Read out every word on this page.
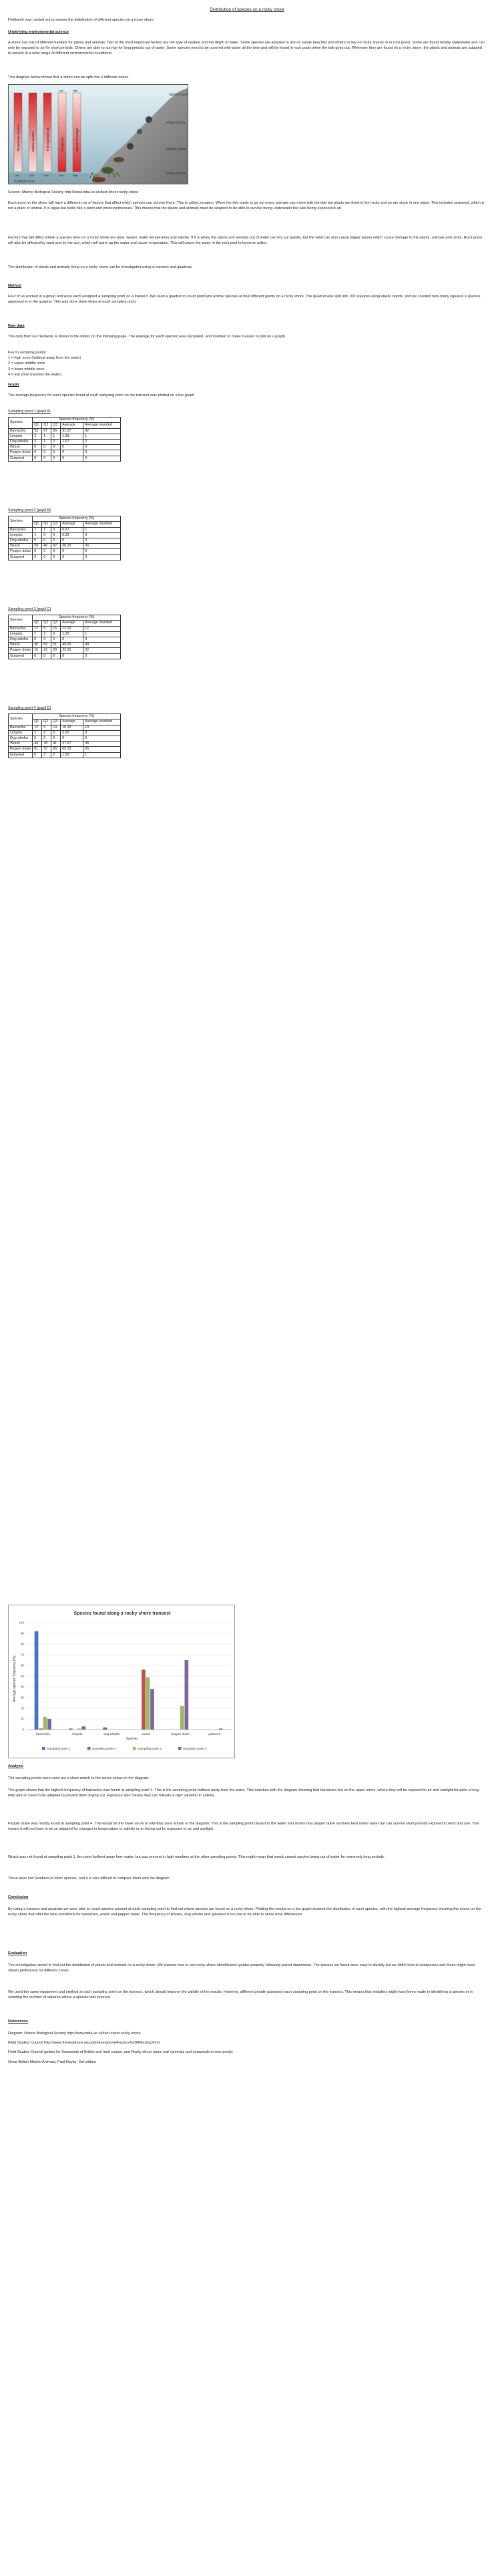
Distribution of species on a rocky shore

Fieldwork was carried out to assess the distribution of different species on a rocky shore.

Underlying environmental science

A shore has lots of different habitats for plants and animals. Two of the most important factors are the type of seabed and the depth of water. Some species are adapted to live on sandy beaches and others to live on rocky shores or in rock pools. Some are found mostly underwater and can only be exposed to air for short periods. Others are able to survive for long periods out of water. Some species need to be covered with water all the time and will be found in rock pools when the tide goes out. Wherever they are found on a rocky shore, the plants and animals are adapted to survive in a wide range of different environmental conditions.

This diagram below shows that a shore can be split into 4 different zones.

Temperature Variation	Salinity Variation	Time exposed to air	Competition	Amount of Sunlight
Low	High
Low	Low	Low	Low	High
Splash Zone
Upper Shore
Middle Shore
Lower Shore
Subtidal Zone

Source: Marine Biological Society http://www.mba.ac.uk/fact-sheet-rocky-shore

Each zone on the shore will have a different mix of factors that affect which species can survive there. This is called zonation. When the tide starts to go out many animals can move with the tide but plants are fixed to the rocks and so are stuck in one place. This includes seaweed, which is not a plant or animal. It is algae but looks like a plant and photosynthesises. This means that the plants and animals must be adapted to be able to survive being underwater but also being exposed to air.

Factors that will affect where a species lives on a rocky shore are wind, waves, water temperature and salinity. If it is windy the plants and animals out of water can dry out quickly, but the wind can also cause bigger waves which cause damage to the plants, animals and rocks. Rock pools will also be affected by wind and by the sun, which will warm up the water and cause evaporation. This will cause the water in the rock pool to become saltier.

The distribution of plants and animals living on a rocky shore can be investigated using a transect and quadrats.

Method

Four of us worked in a group and were each assigned a sampling point on a transect. We used a quadrat to count plant and animal species at four different points on a rocky shore. The quadrat was split into 100 squares using elastic bands, and we counted how many squares a species appeared in in the quadrat. This was done three times at each sampling point.

Raw data

The data from our fieldwork is shown in the tables on the following page. The average for each species was calculated, and rounded to make it easier to plot on a graph.

Key to sampling points:
1 = high zone (furthest away from the water)
2 = upper middle zone
3 = lower middle zone
4 = low zone (nearest the water)
Graph

The average frequency for each species found at each sampling point on the transect was plotted on a bar graph.

Sampling point 1 (pupil A)
Species	Species frequency (%)				
	Q1	Q2	Q3	Average	Average rounded
Barnacles	93	87	95	91.67	92
Limpets	2	1	1	1.33	1
Dog whelks	2	1	2	1.67	2
Wrack	0	0	0	0	0
Pepper dulse	0	0	0	0	0
Gutweed	0	0	0	0	0
Sampling point 2 (pupil B)
Species	Species frequency (%)				
	Q1	Q2	Q3	Average	Average rounded
Barnacles	1	1	0	0.67	1
Limpets	1	0	0	0.33	0
Dog whelks	0	0	0	0	0
Wrack	59	48	62	56.33	56
Pepper dulse	0	0	0	0	0
Gutweed	0	0	0	0	0
Sampling point 3 (pupil C)
Species	Species frequency (%)				
	Q1	Q2	Q3	Average	Average rounded
Barnacles	12	9	15	12.00	12
Limpets	1	3	0	1.33	1
Dog whelks	0	0	0	0	0
Wrack	36	60	51	49.00	49
Pepper dulse	15	22	29	22.00	22
Gutweed	0	0	0	0	0
Sampling point 4 (pupil D)
Species	Species frequency (%)				
	Q1	Q2	Q3	Average	Average rounded
Barnacles	12	5	14	10.33	10
Limpets	2	2	5	3.00	3
Dog whelks	0	0	0	0	0
Wrack	44	28	41	37.67	38
Pepper dulse	81	70	65	65.33	65
Gutweed	0	2	2	1.33	1
Species found along a rocky shore transect
Average species frequency (%)
Species
0
10
20
30
40
50
60
70
80
90
100
barnacles	limpets	dog whelks	wrack	pepper dulse	gutweed
Sampling point 1	Sampling point 2	Sampling point 3	Sampling point 4
Analysis

The sampling points were used are a close match to the zones shown in the diagram.

The graph shows that the highest frequency of barnacles was found at sampling point 1. This is the sampling point furthest away from the water. This matches with the diagram showing that barnacles live on the upper shore, where they will be exposed to air and sunlight for quite a long time and so have to be adapted to prevent them drying out. Exposure also means they can tolerate a high variation in salinity.

Pepper dulse was mostly found at sampling point 4. This would be the lower shore or intertidal zone shown in the diagram. This is the sampling point closest to the water and shows that pepper dulse survives best under water but can survive short periods exposed to wind and sun. This means it will not have to be so adapted for changes in temperature or salinity or to drying out by exposure to air and sunlight.

Wrack was not found at sampling point 1, the point furthest away from water, but was present in high numbers at the other sampling points. This might mean that wrack cannot survive being out of water for extremely long periods.

There were low numbers of other species, and it is also difficult to compare them with the diagram.

Conclusion

By using a transect and quadrats we were able to count species present at each sampling point to find out where species are found on a rocky shore. Plotting the results on a bar graph showed the distribution of each species, with the highest average frequency showing the zones on the rocky shore that offer the best conditions for barnacles, wrack and pepper dulse. The frequency of limpets, dog whelks and gutweed is too low to be able to show zone differences.

Evaluation

The investigation aimed to find out the distribution of plants and animals on a rocky shore. We learned how to use rocky shore identification guides properly, following paired statements. The species we found were easy to identify but we didn't look at subspecies and these might have shown preference for different zones.

We used the same equipment and method at each sampling point on the transect, which should improve the validity of the results. However, different people assessed each sampling point on the transect. This means that mistakes might have been made in identifying a species or in counting the number of squares where a species was present.

References

Diagram: Marine Biological Society http://www.mba.ac.uk/fact-sheet-rocky-shore

Field Studies Council http://www.theseashore.org.uk/theseashore/Factors%20Affecting.html

Field Studies Council guides for Seaweeds of British and Irish coasts, and Rocky shore name trail (animals and seaweeds in rock pools)

Great British Marine Animals, Paul Naylor, 3rd edition
